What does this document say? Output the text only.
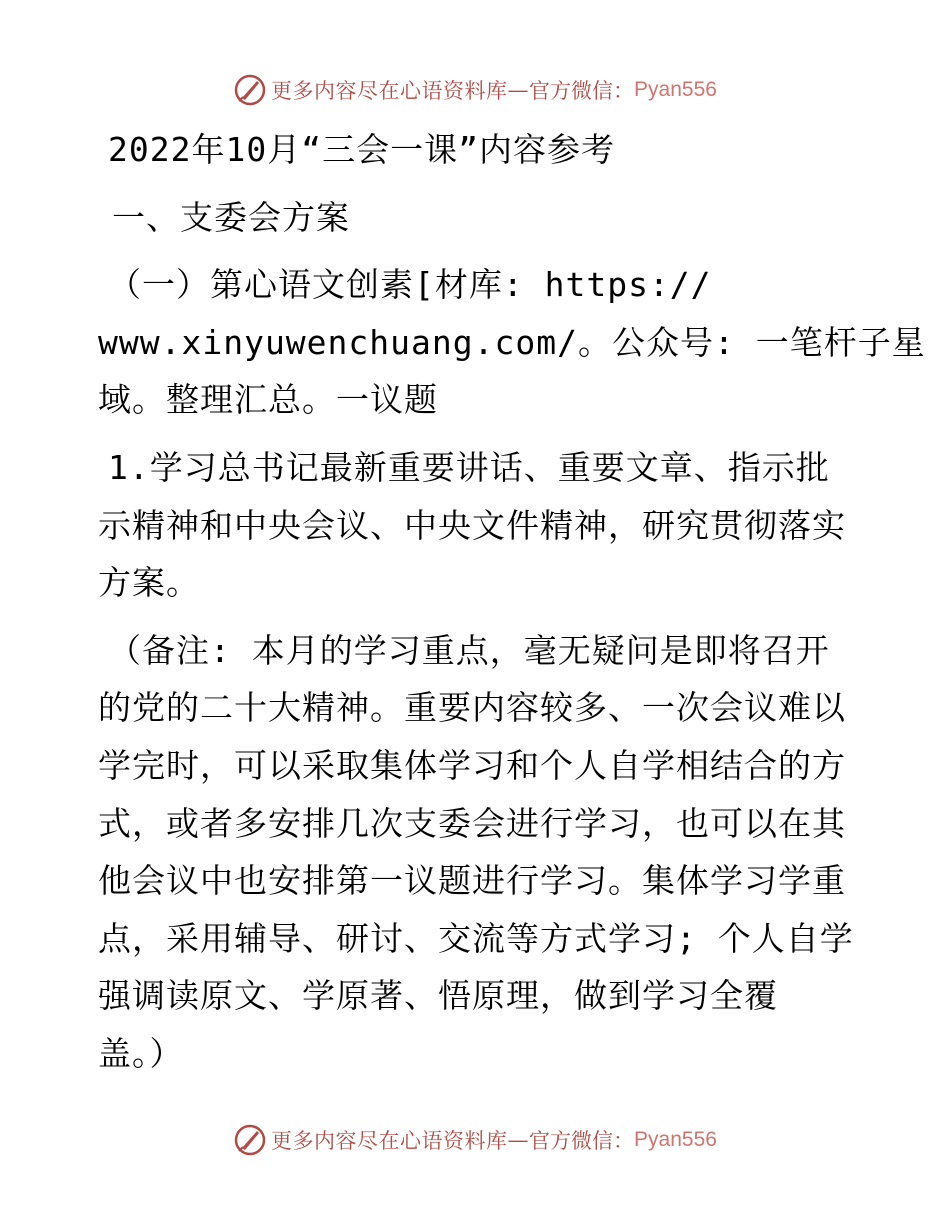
更多内容尽在心语资料库 — 官方微信： Pyan556
2022年10月“三会一课”内容参考
一、支委会方案
（一）第心语文创素[材库: https://
www.xinyuwenchuang.com/。公众号: 一笔杆子星
域。整理汇总。一议题
1.学习总书记最新重要讲话、重要文章、指示批
示精神和中央会议、中央文件精神，研究贯彻落实
方案。
（备注: 本月的学习重点，毫无疑问是即将召开
的党的二十大精神。重要内容较多、一次会议难以
学完时，可以采取集体学习和个人自学相结合的方
式，或者多安排几次支委会进行学习，也可以在其
他会议中也安排第一议题进行学习。集体学习学重
点，采用辅导、研讨、交流等方式学习; 个人自学
强调读原文、学原著、悟原理，做到学习全覆
盖。）
更多内容尽在心语资料库 — 官方微信： Pyan556
